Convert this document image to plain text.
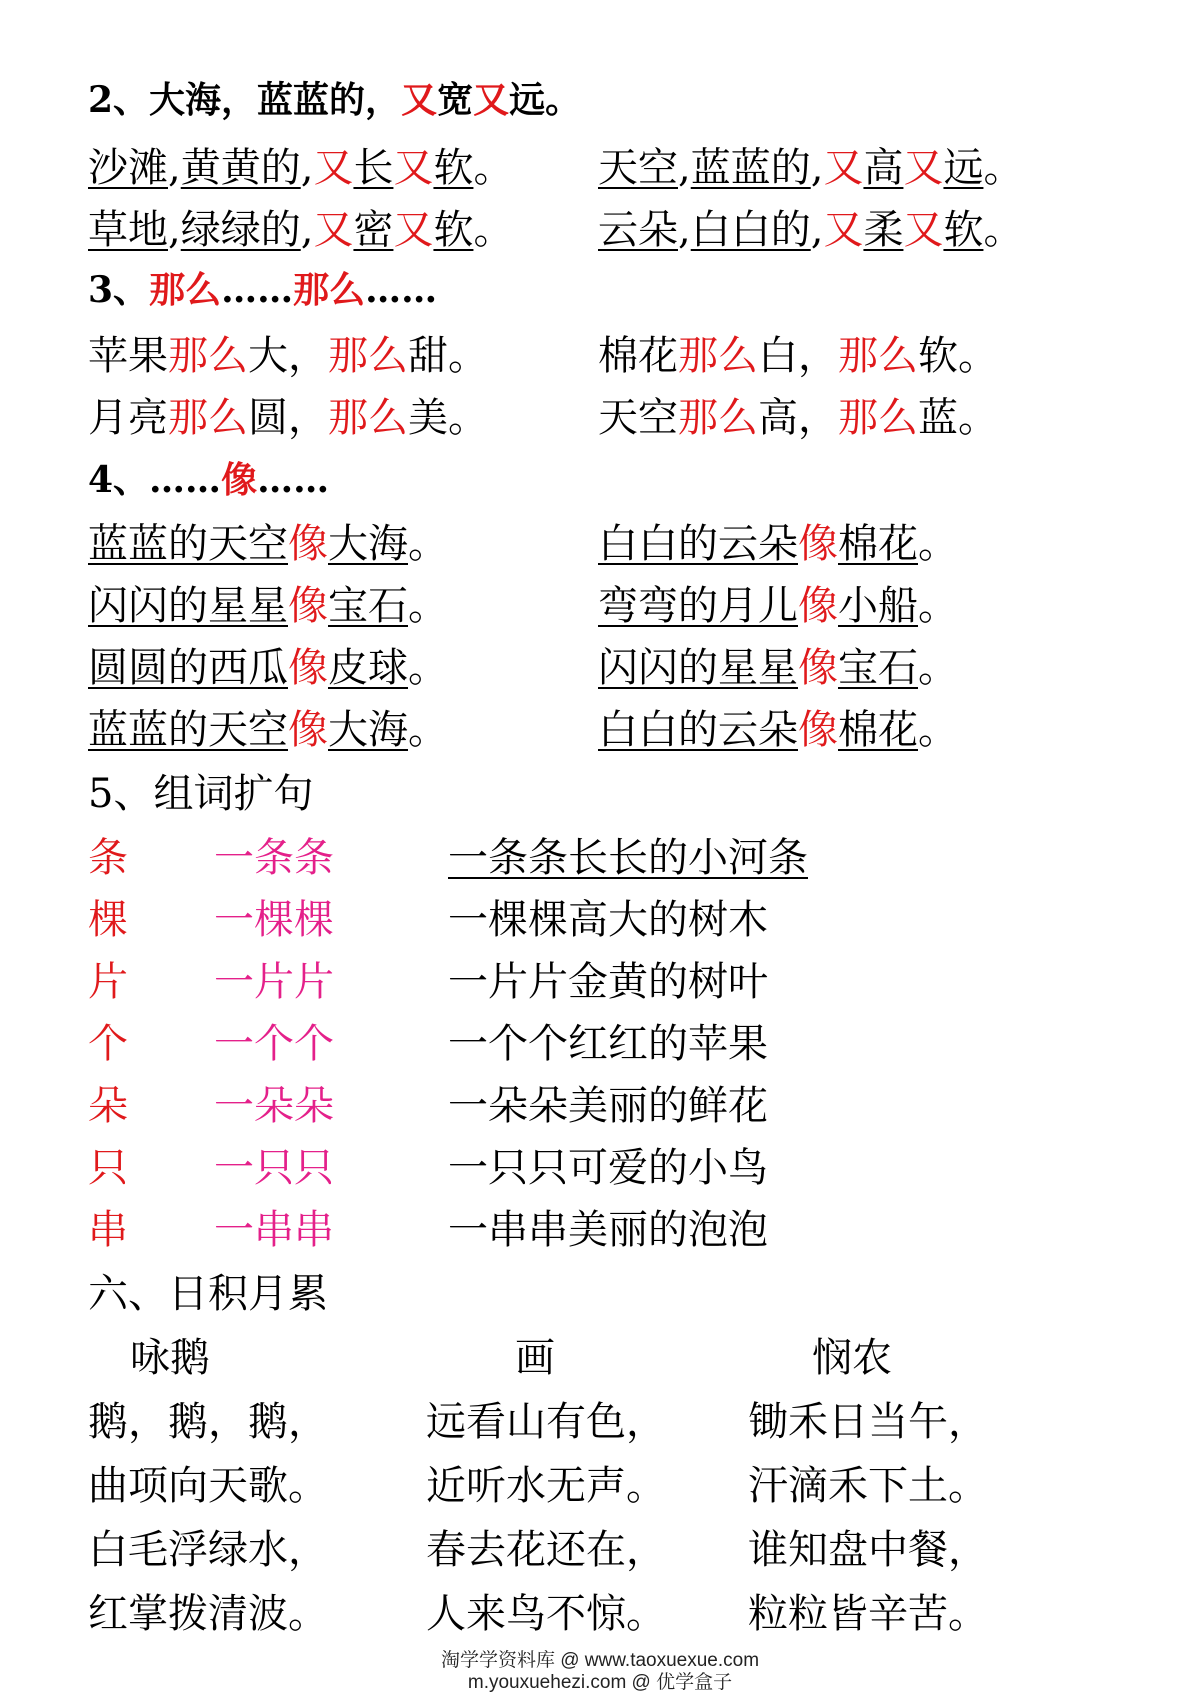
2、大海，蓝蓝的，又宽又远。
沙滩,黄黄的,又长又软。 天空,蓝蓝的,又高又远。
草地,绿绿的,又密又软。 云朵,白白的,又柔又软。
3、那么……那么……
苹果那么大，那么甜。	棉花那么白，那么软。
月亮那么圆，那么美。	天空那么高，那么蓝。
4、……像……
蓝蓝的天空像大海。	白白的云朵像棉花。
闪闪的星星像宝石。	弯弯的月儿像小船。
圆圆的西瓜像皮球。	闪闪的星星像宝石。
蓝蓝的天空像大海。	白白的云朵像棉花。
5、组词扩句
条 一条条	一条条长长的小河条
棵 一棵棵	一棵棵高大的树木
片 一片片	一片片金黄的树叶
个 一个个	一个个红红的苹果
朵 一朵朵	一朵朵美丽的鲜花
只 一只只	一只只可爱的小鸟
串 一串串	一串串美丽的泡泡
六、日积月累
咏鹅	画	悯农
鹅，鹅，鹅， 远看山有色， 锄禾日当午，
曲项向天歌。 近听水无声。 汗滴禾下土。
白毛浮绿水， 春去花还在， 谁知盘中餐，
红掌拨清波。 人来鸟不惊。 粒粒皆辛苦。
淘学学资料库 @ www.taoxuexue.com
m.youxuehezi.com @ 优学盒子
